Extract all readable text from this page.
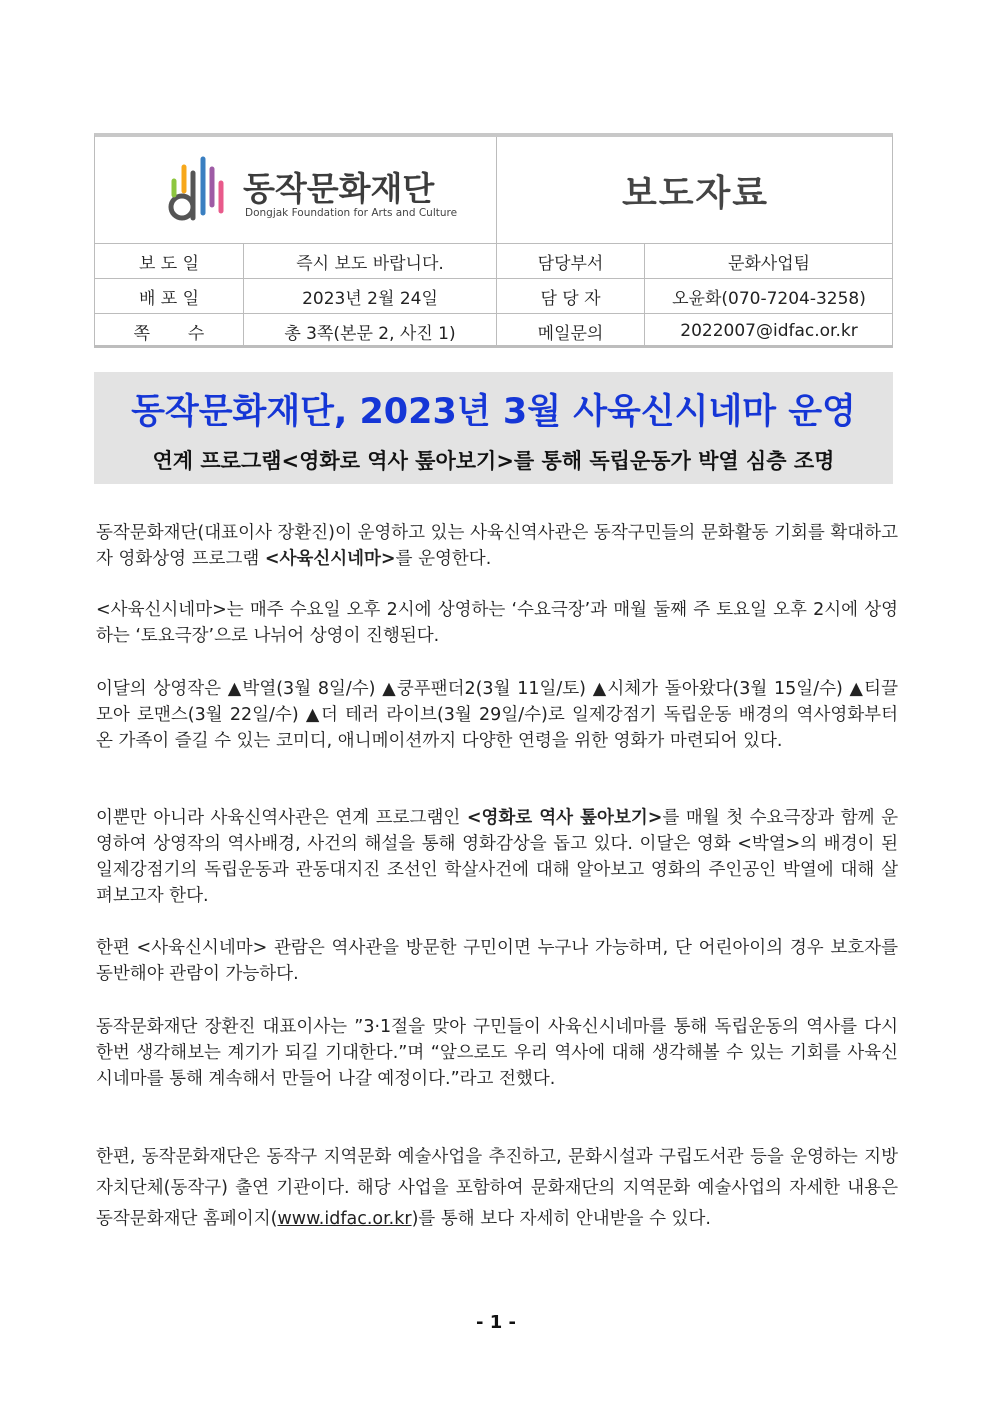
동작문화재단
Dongjak Foundation for Arts and Culture	보도자료
보 도 일	즉시 보도 바랍니다.	담당부서	문화사업팀
배 포 일	2023년 2월 24일	담 당 자	오윤화(070-7204-3258)
쪽       수	총 3쪽(본문 2, 사진 1)	메일문의	2022007@idfac.or.kr
동작문화재단, 2023년 3월 사육신시네마 운영
연계 프로그램<영화로 역사 톺아보기>를 통해 독립운동가 박열 심층 조명
동작문화재단(대표이사 장환진)이 운영하고 있는 사육신역사관은 동작구민들의 문화활동 기회를 확대하고자 영화상영 프로그램 <사육신시네마>를 운영한다.
<사육신시네마>는 매주 수요일 오후 2시에 상영하는 ‘수요극장’과 매월 둘째 주 토요일 오후 2시에 상영하는 ‘토요극장’으로 나뉘어 상영이 진행된다.
이달의 상영작은 ▲박열(3월 8일/수) ▲쿵푸팬더2(3월 11일/토) ▲시체가 돌아왔다(3월 15일/수) ▲티끌모아 로맨스(3월 22일/수) ▲더 테러 라이브(3월 29일/수)로 일제강점기 독립운동 배경의 역사영화부터 온 가족이 즐길 수 있는 코미디, 애니메이션까지 다양한 연령을 위한 영화가 마련되어 있다.
이뿐만 아니라 사육신역사관은 연계 프로그램인 <영화로 역사 톺아보기>를 매월 첫 수요극장과 함께 운영하여 상영작의 역사배경, 사건의 해설을 통해 영화감상을 돕고 있다. 이달은 영화 <박열>의 배경이 된 일제강점기의 독립운동과 관동대지진 조선인 학살사건에 대해 알아보고 영화의 주인공인 박열에 대해 살펴보고자 한다.
한편 <사육신시네마> 관람은 역사관을 방문한 구민이면 누구나 가능하며, 단 어린아이의 경우 보호자를 동반해야 관람이 가능하다.
동작문화재단 장환진 대표이사는 ”3·1절을 맞아 구민들이 사육신시네마를 통해 독립운동의 역사를 다시 한번 생각해보는 계기가 되길 기대한다.”며 “앞으로도 우리 역사에 대해 생각해볼 수 있는 기회를 사육신시네마를 통해 계속해서 만들어 나갈 예정이다.”라고 전했다.
한편, 동작문화재단은 동작구 지역문화 예술사업을 추진하고, 문화시설과 구립도서관 등을 운영하는 지방자치단체(동작구) 출연 기관이다. 해당 사업을 포함하여 문화재단의 지역문화 예술사업의 자세한 내용은 동작문화재단 홈페이지(www.idfac.or.kr)를 통해 보다 자세히 안내받을 수 있다.
- 1 -
